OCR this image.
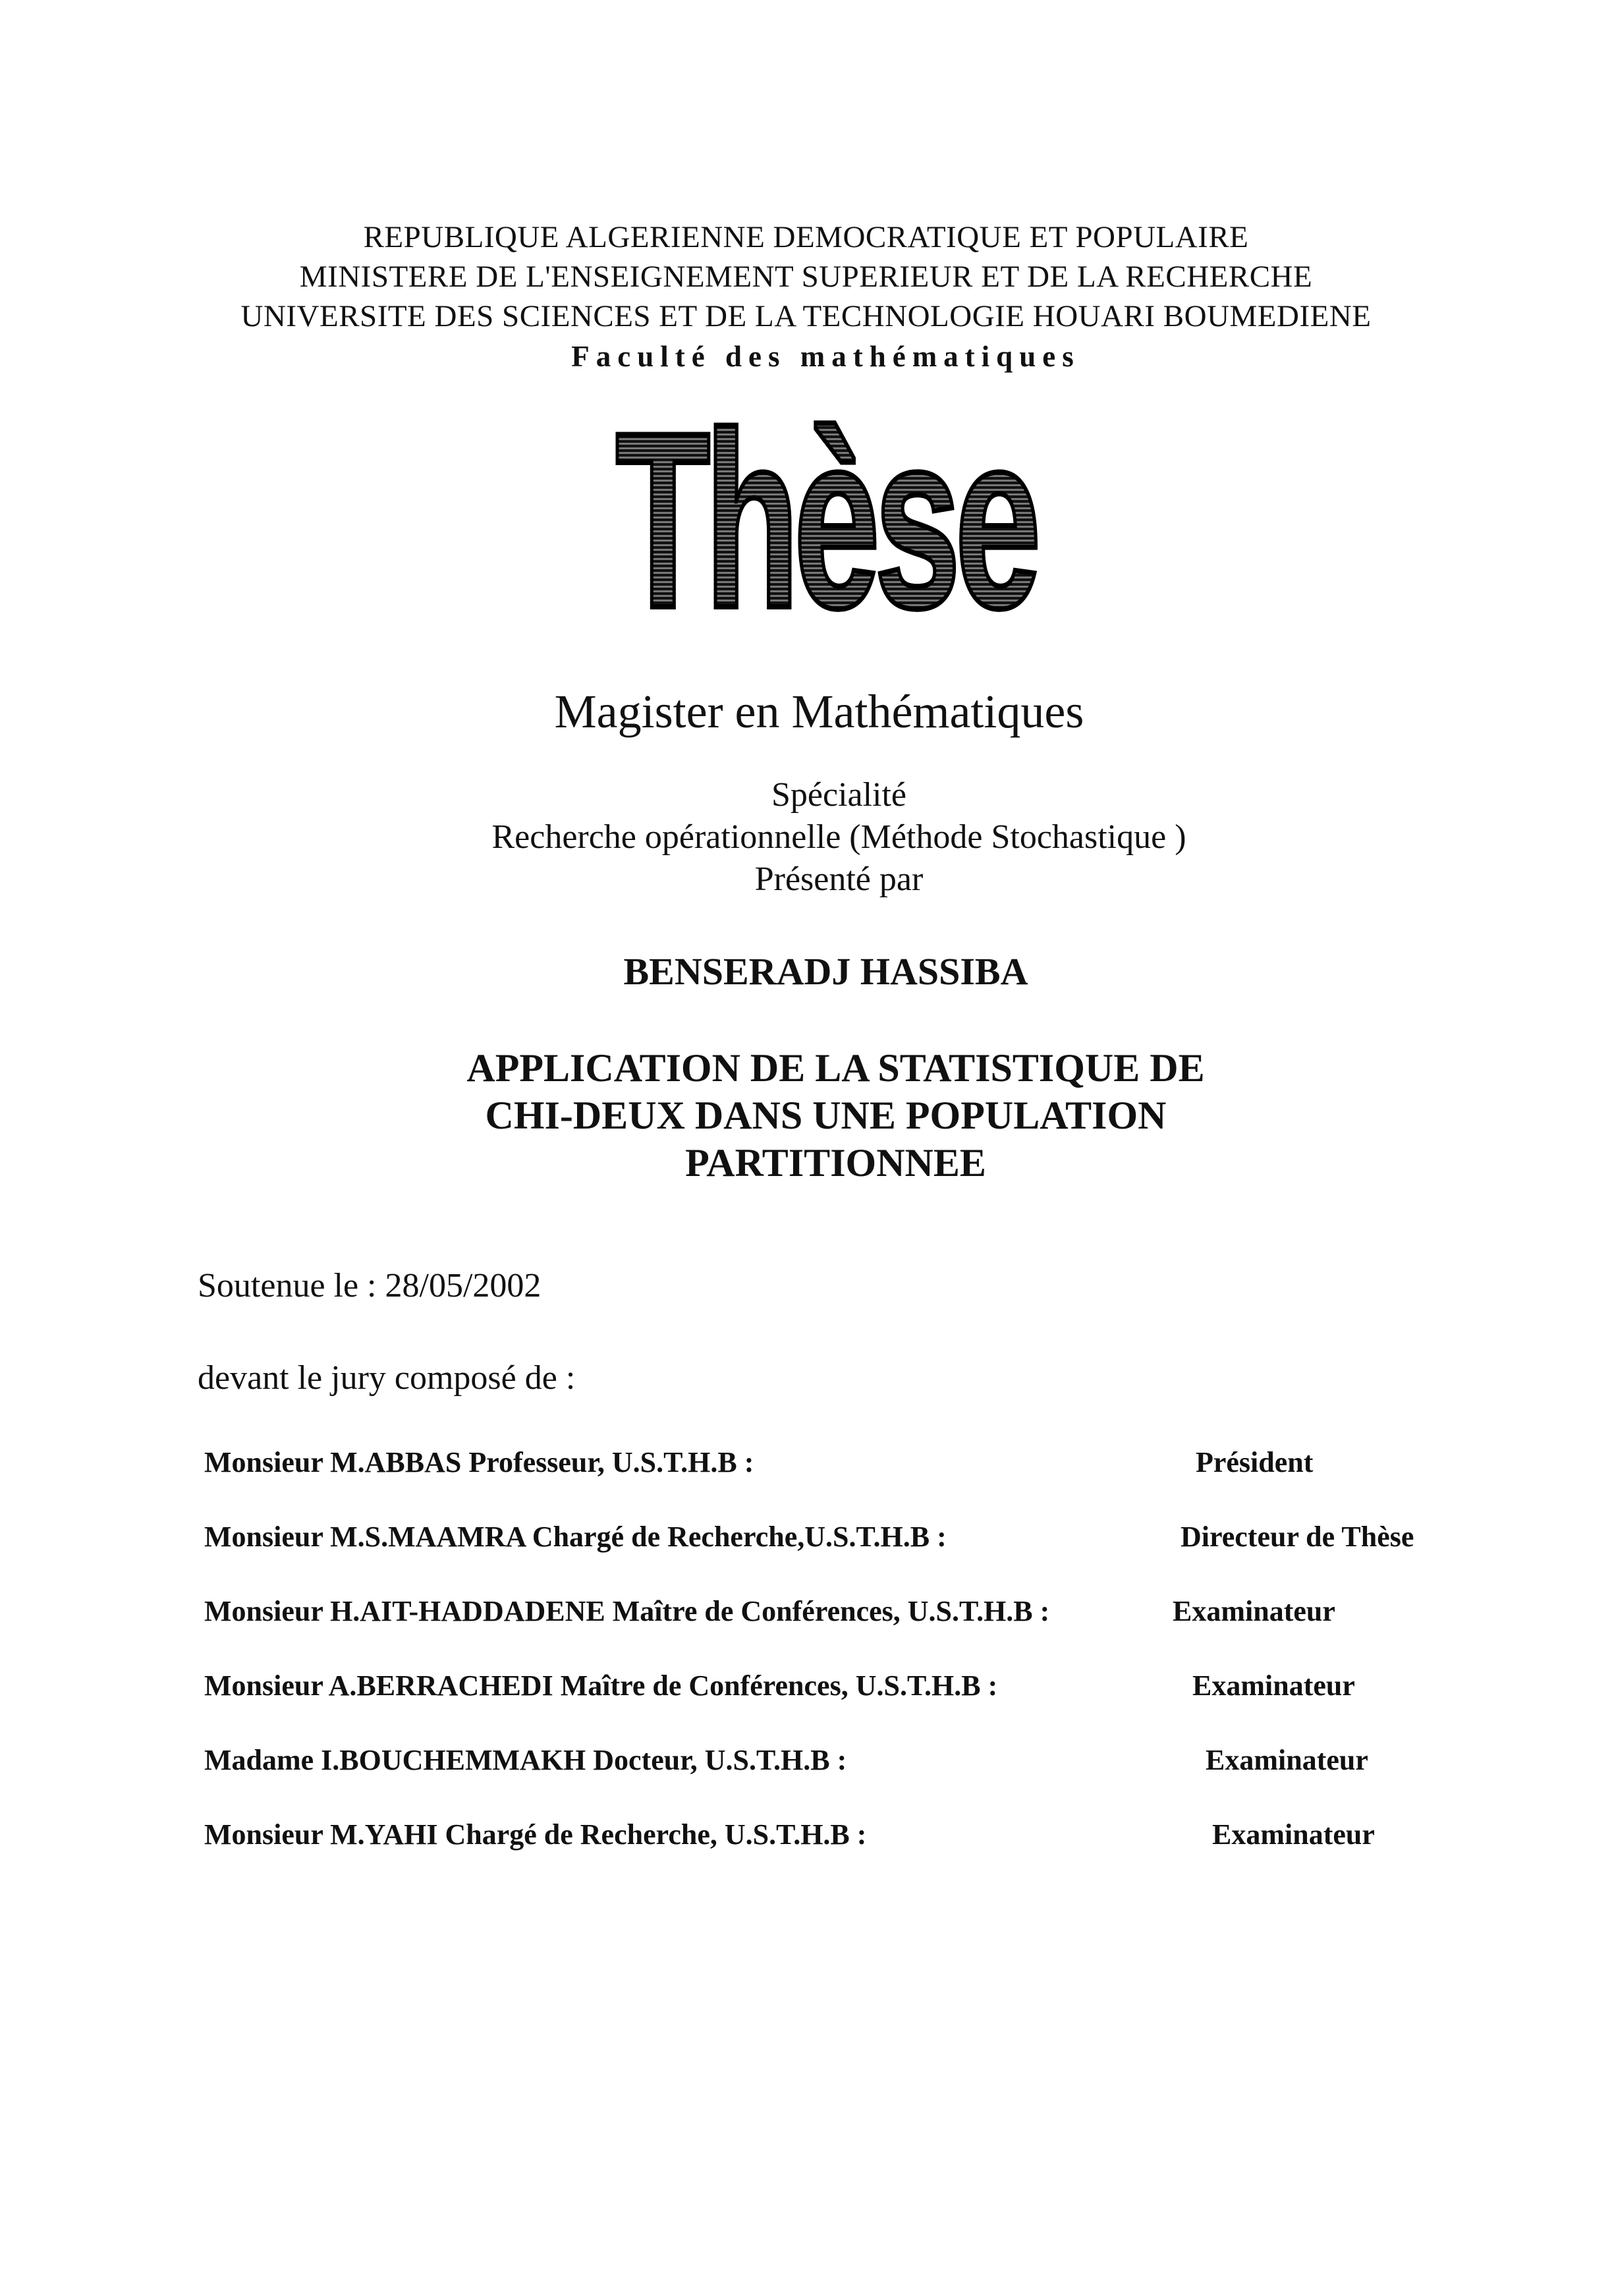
REPUBLIQUE ALGERIENNE DEMOCRATIQUE ET POPULAIRE
MINISTERE DE L'ENSEIGNEMENT SUPERIEUR ET DE LA RECHERCHE
UNIVERSITE DES SCIENCES ET DE LA TECHNOLOGIE HOUARI BOUMEDIENE
Faculté des mathématiques
Thèse
Magister en Mathématiques
Spécialité
Recherche opérationnelle (Méthode Stochastique )
Présenté par
BENSERADJ HASSIBA
APPLICATION DE LA STATISTIQUE DE
CHI-DEUX DANS UNE POPULATION
PARTITIONNEE
Soutenue le : 28/05/2002
devant le jury composé de :
Monsieur M.ABBAS Professeur, U.S.T.H.B :	Président
Monsieur M.S.MAAMRA Chargé de Recherche,U.S.T.H.B :	Directeur de Thèse
Monsieur H.AIT-HADDADENE Maître de Conférences, U.S.T.H.B :	Examinateur
Monsieur A.BERRACHEDI Maître de Conférences, U.S.T.H.B :	Examinateur
Madame I.BOUCHEMMAKH Docteur, U.S.T.H.B :	Examinateur
Monsieur M.YAHI Chargé de Recherche, U.S.T.H.B :	Examinateur
